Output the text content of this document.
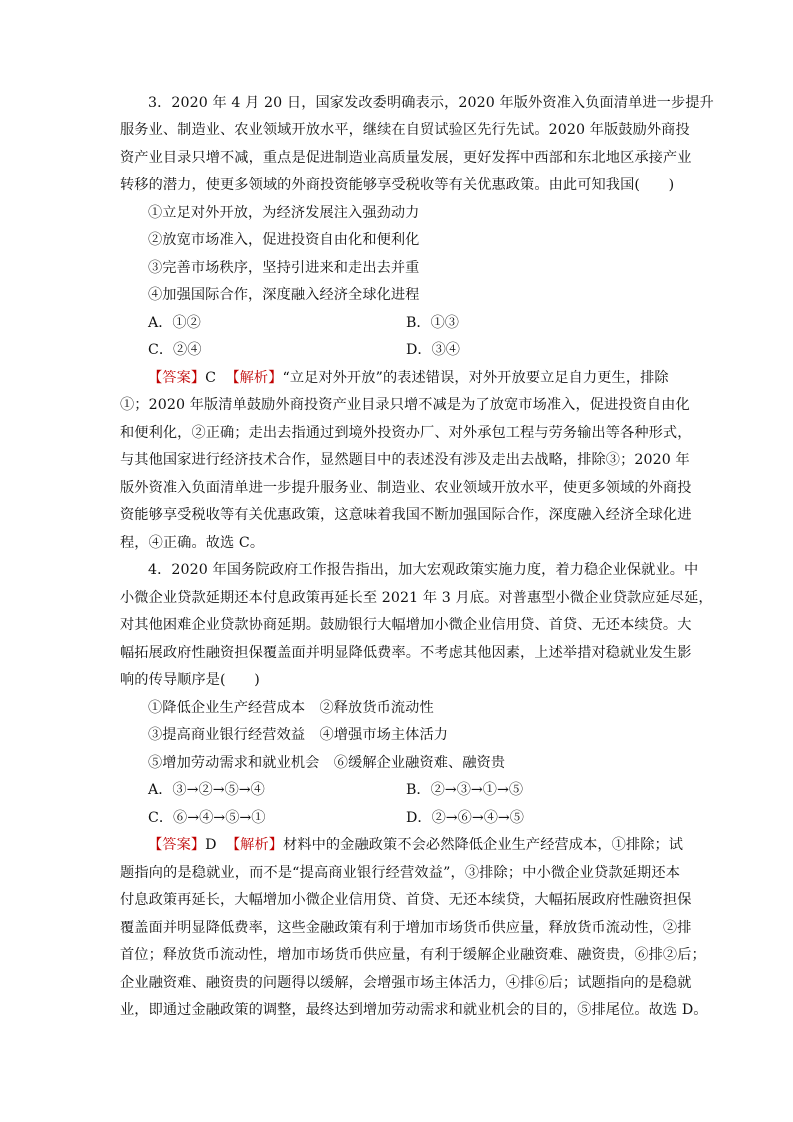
3．2020 年 4 月 20 日，国家发改委明确表示，2020 年版外资准入负面清单进一步提升
服务业、制造业、农业领域开放水平，继续在自贸试验区先行先试。2020 年版鼓励外商投
资产业目录只增不减，重点是促进制造业高质量发展，更好发挥中西部和东北地区承接产业
转移的潜力，使更多领域的外商投资能够享受税收等有关优惠政策。由此可知我国(　　)
①立足对外开放，为经济发展注入强劲动力
②放宽市场准入，促进投资自由化和便利化
③完善市场秩序，坚持引进来和走出去并重
④加强国际合作，深度融入经济全球化进程
A．①②	B．①③
C．②④	D．③④
【答案】C 【解析】“立足对外开放”的表述错误，对外开放要立足自力更生，排除
①；2020 年版清单鼓励外商投资产业目录只增不减是为了放宽市场准入，促进投资自由化
和便利化，②正确；走出去指通过到境外投资办厂、对外承包工程与劳务输出等各种形式，
与其他国家进行经济技术合作，显然题目中的表述没有涉及走出去战略，排除③；2020 年
版外资准入负面清单进一步提升服务业、制造业、农业领域开放水平，使更多领域的外商投
资能够享受税收等有关优惠政策，这意味着我国不断加强国际合作，深度融入经济全球化进
程，④正确。故选 C。
4．2020 年国务院政府工作报告指出，加大宏观政策实施力度，着力稳企业保就业。中
小微企业贷款延期还本付息政策再延长至 2021 年 3 月底。对普惠型小微企业贷款应延尽延，
对其他困难企业贷款协商延期。鼓励银行大幅增加小微企业信用贷、首贷、无还本续贷。大
幅拓展政府性融资担保覆盖面并明显降低费率。不考虑其他因素，上述举措对稳就业发生影
响的传导顺序是(　　)
①降低企业生产经营成本　②释放货币流动性
③提高商业银行经营效益　④增强市场主体活力
⑤增加劳动需求和就业机会　⑥缓解企业融资难、融资贵
A．③→②→⑤→④	B．②→③→①→⑤
C．⑥→④→⑤→①	D．②→⑥→④→⑤
【答案】D 【解析】材料中的金融政策不会必然降低企业生产经营成本，①排除；试
题指向的是稳就业，而不是“提高商业银行经营效益”，③排除；中小微企业贷款延期还本
付息政策再延长，大幅增加小微企业信用贷、首贷、无还本续贷，大幅拓展政府性融资担保
覆盖面并明显降低费率，这些金融政策有利于增加市场货币供应量，释放货币流动性，②排
首位；释放货币流动性，增加市场货币供应量，有利于缓解企业融资难、融资贵，⑥排②后；
企业融资难、融资贵的问题得以缓解，会增强市场主体活力，④排⑥后；试题指向的是稳就
业，即通过金融政策的调整，最终达到增加劳动需求和就业机会的目的，⑤排尾位。故选 D。
